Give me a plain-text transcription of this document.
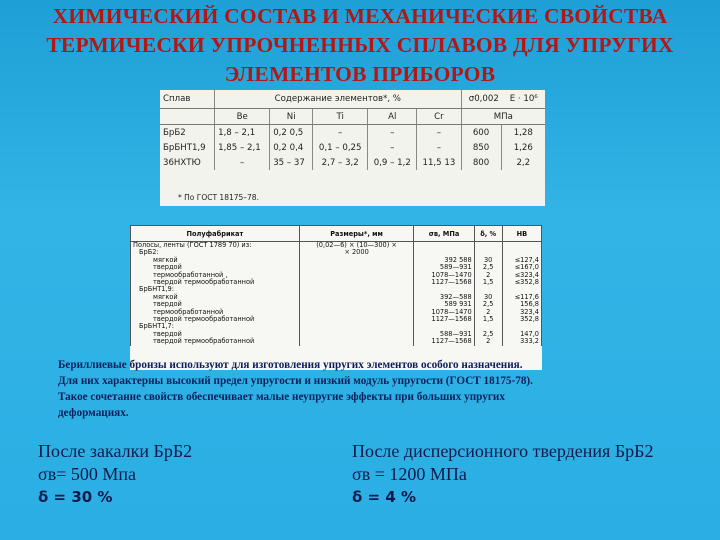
ХИМИЧЕСКИЙ СОСТАВ И МЕХАНИЧЕСКИЕ СВОЙСТВА
ТЕРМИЧЕСКИ УПРОЧНЕННЫХ СПЛАВОВ ДЛЯ УПРУГИХ
ЭЛЕМЕНТОВ ПРИБОРОВ
Сплав	Содержание элементов*, %					σ0,002 E · 10⁶	
	Be	Ni	Ti	Al	Cr	МПа	
БрБ2	1,8 – 2,1	0,2 0,5	–	–	–	600	1,28
БрБНТ1,9	1,85 – 2,1	0,2 0,4	0,1 – 0,25	–	–	850	1,26
36НХТЮ	–	35 – 37	2,7 – 3,2	0,9 – 1,2	11,5 13	800	2,2
* По ГОСТ 18175–78.
Полуфабрикат	Размеры*, мм	σв, МПа	δ, %	HB
Полосы, ленты (ГОСТ 1789 70) из:	(0,02—6) × (10—300) ×			
БрБ2:	× 2000			
мягкой		392 588	30	≤127,4
твердой		589—931	2,5	≤167,0
термообработанной ,		1078—1470	2	≤323,4
твердой термообработанной		1127—1568	1,5	≤352,8
БрБНТ1,9:				
мягкой		392—588	30	≤117,6
твердой		589 931	2,5	156,8
термообработанной		1078—1470	2	323,4
твердой термообработанной		1127—1568	1,5	352,8
БрБНТ1,7:				
твердой		588—931	2,5	147,0
твердой термообработанной		1127—1568	2	333,2
Бериллиевые бронзы используют для изготовления упругих элементов особого назначения.
Для них характерны высокий предел упругости и низкий модуль упругости (ГОСТ 18175-78).
Такое сочетание свойств обеспечивает малые неупругие эффекты при больших упругих
деформациях.
После закалки БрБ2
σв= 500 Мпа
δ = 30 %
После дисперсионного твердения БрБ2
σв = 1200 МПа
δ = 4 %
